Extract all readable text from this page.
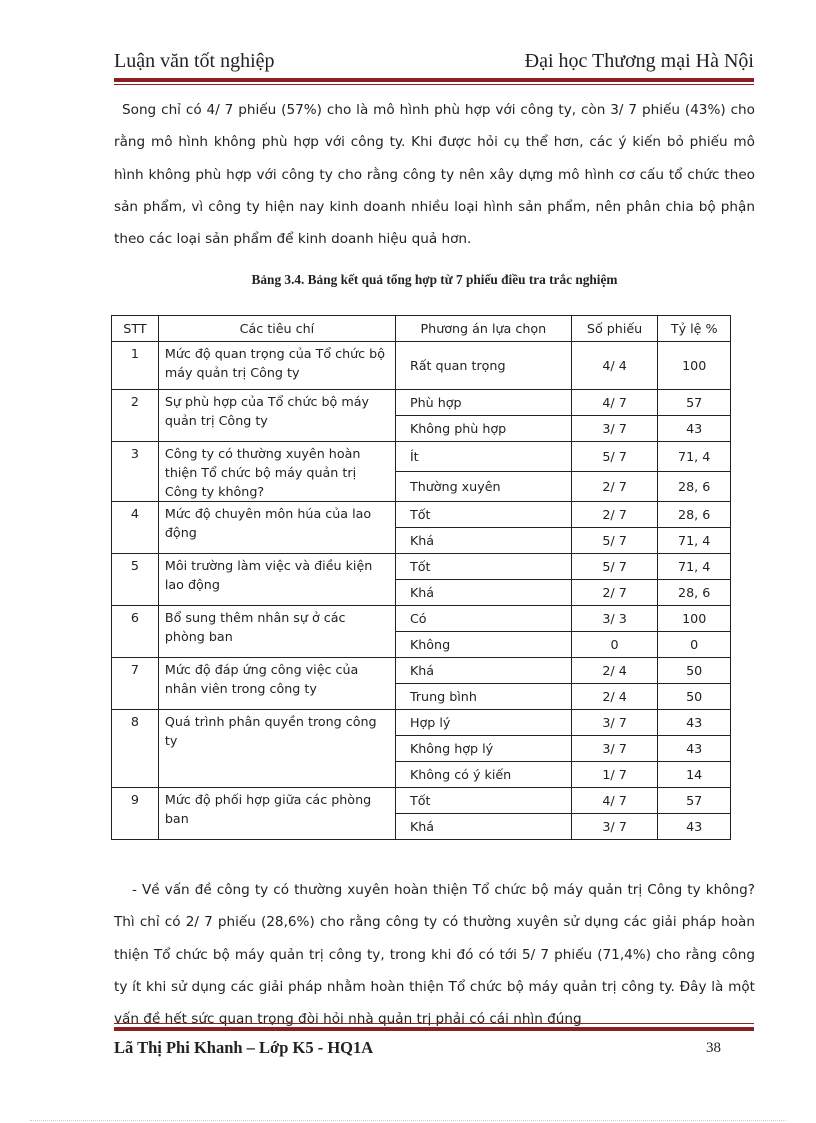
Luận văn tốt nghiệp	Đại học Thương mại Hà Nội
Song chỉ có 4/ 7 phiếu (57%) cho là mô hình phù hợp với công ty, còn 3/ 7 phiếu (43%) cho rằng mô hình không phù hợp với công ty. Khi được hỏi cụ thể hơn, các ý kiến bỏ phiếu mô hình không phù hợp với công ty cho rằng công ty nên xây dựng mô hình cơ cấu tổ chức theo sản phẩm, vì công ty hiện nay kinh doanh nhiều loại hình sản phẩm, nên phân chia bộ phận theo các loại sản phẩm để kinh doanh hiệu quả hơn.
Bảng 3.4. Bảng kết quả tổng hợp từ 7 phiếu điều tra trắc nghiệm
STT	Các tiêu chí	Phương án lựa chọn	Số phiếu	Tỷ lệ %
1	Mức độ quan trọng của Tổ chức bộ máy quản trị Công ty	Rất quan trọng	4/ 4	100
2	Sự phù hợp của Tổ chức bộ máy quản trị Công ty	Phù hợp	4/ 7	57
		Không phù hợp	3/ 7	43
3	Công ty có thường xuyên hoàn thiện Tổ chức bộ máy quản trị Công ty không?	Ít	5/ 7	71, 4
		Thường xuyên	2/ 7	28, 6
4	Mức độ chuyên môn húa của lao động	Tốt	2/ 7	28, 6
		Khá	5/ 7	71, 4
5	Môi trường làm việc và điều kiện lao động	Tốt	5/ 7	71, 4
		Khá	2/ 7	28, 6
6	Bổ sung thêm nhân sự ở các phòng ban	Có	3/ 3	100
		Không	0	0
7	Mức độ đáp ứng công việc của nhân viên trong công ty	Khá	2/ 4	50
		Trung bình	2/ 4	50
8	Quá trình phân quyền trong công ty	Hợp lý	3/ 7	43
		Không hợp lý	3/ 7	43
		Không có ý kiến	1/ 7	14
9	Mức độ phối hợp giữa các phòng ban	Tốt	4/ 7	57
		Khá	3/ 7	43
- Về vấn đề công ty có thường xuyên hoàn thiện Tổ chức bộ máy quản trị Công ty không? Thì chỉ có 2/ 7 phiếu (28,6%) cho rằng công ty có thường xuyên sử dụng các giải pháp hoàn thiện Tổ chức bộ máy quản trị công ty, trong khi đó có tới 5/ 7 phiếu (71,4%) cho rằng công ty ít khi sử dụng các giải pháp nhằm hoàn thiện Tổ chức bộ máy quản trị công ty. Đây là một vấn đề hết sức quan trọng đòi hỏi nhà quản trị phải có cái nhìn đúng
Lã Thị Phi Khanh – Lớp K5 - HQ1A	38
